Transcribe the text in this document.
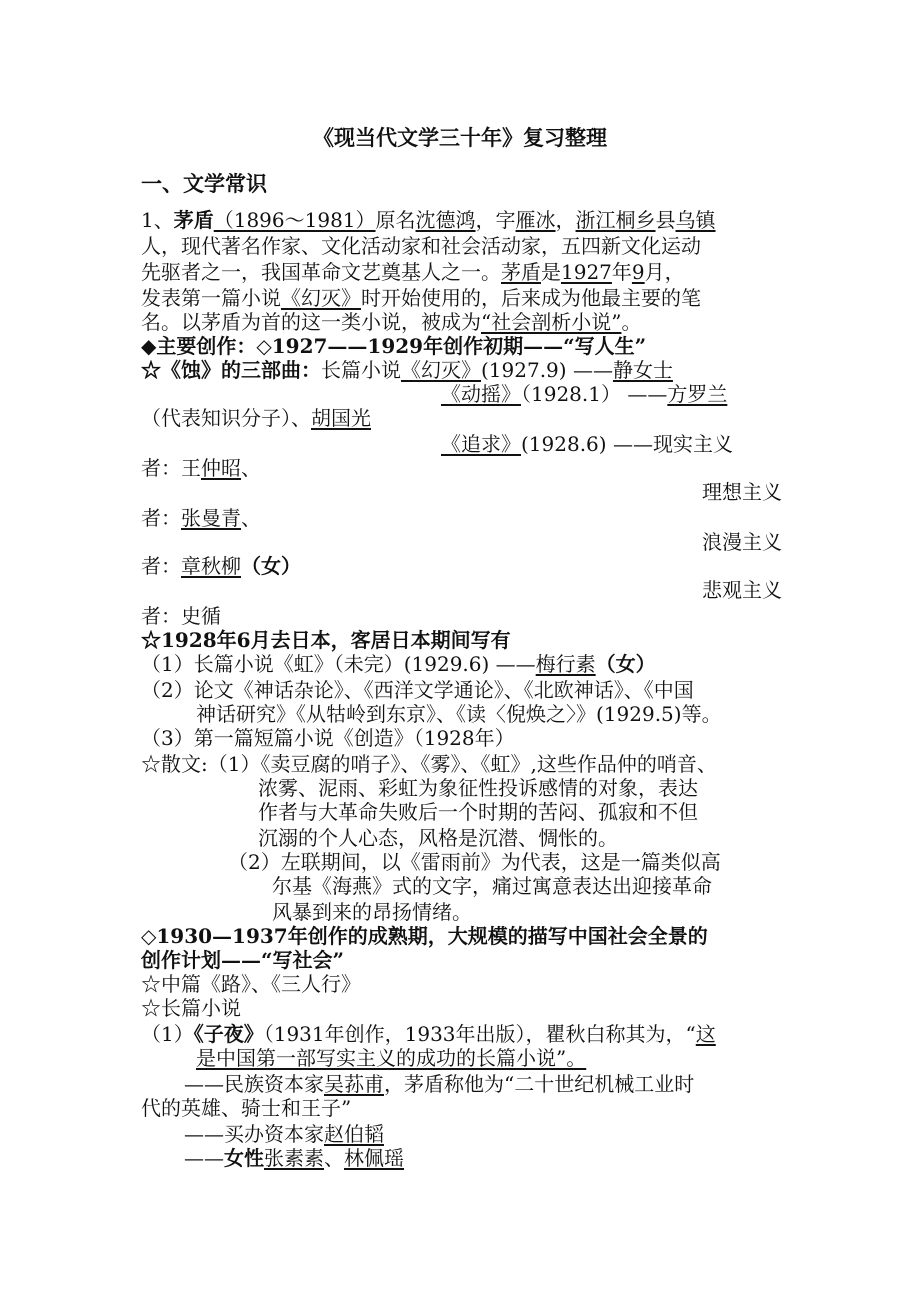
《现当代文学三十年》复习整理
一、文学常识
1、茅盾（1896～1981）原名沈德鸿，字雁冰，浙江桐乡县乌镇
人，现代著名作家、文化活动家和社会活动家，五四新文化运动
先驱者之一，我国革命文艺奠基人之一。茅盾是1927年9月，
发表第一篇小说《幻灭》时开始使用的，后来成为他最主要的笔
名。以茅盾为首的这一类小说，被成为“社会剖析小说”。
◆主要创作：◇1927——1929年创作初期——“写人生”
☆《蚀》的三部曲：长篇小说《幻灭》(1927.9) ——静女士
《动摇》（1928.1） ——方罗兰
（代表知识分子）、胡国光
《追求》(1928.6) ——现实主义
者：王仲昭、
理想主义
者：张曼青、
浪漫主义
者：章秋柳（女）
悲观主义
者：史循
☆1928年6月去日本，客居日本期间写有
（1）长篇小说《虹》（未完）(1929.6) ——梅行素（女）
（2）论文《神话杂论》、《西洋文学通论》、《北欧神话》、《中国
神话研究》《从牯岭到东京》、《读〈倪焕之〉》(1929.5)等。
（3）第一篇短篇小说《创造》（1928年）
☆散文:（1）《卖豆腐的哨子》、《雾》、《虹》,这些作品仲的哨音、
浓雾、泥雨、彩虹为象征性投诉感情的对象，表达
作者与大革命失败后一个时期的苦闷、孤寂和不但
沉溺的个人心态，风格是沉潜、惆怅的。
（2）左联期间，以《雷雨前》为代表，这是一篇类似高
尔基《海燕》式的文字，痛过寓意表达出迎接革命
风暴到来的昂扬情绪。
◇1930—1937年创作的成熟期，大规模的描写中国社会全景的
创作计划——“写社会”
☆中篇《路》、《三人行》
☆长篇小说
（1）《子夜》（1931年创作，1933年出版），瞿秋白称其为，“这
是中国第一部写实主义的成功的长篇小说”。
——民族资本家吴荪甫，茅盾称他为“二十世纪机械工业时
代的英雄、骑士和王子”
——买办资本家赵伯韬
——女性张素素、林佩瑶
